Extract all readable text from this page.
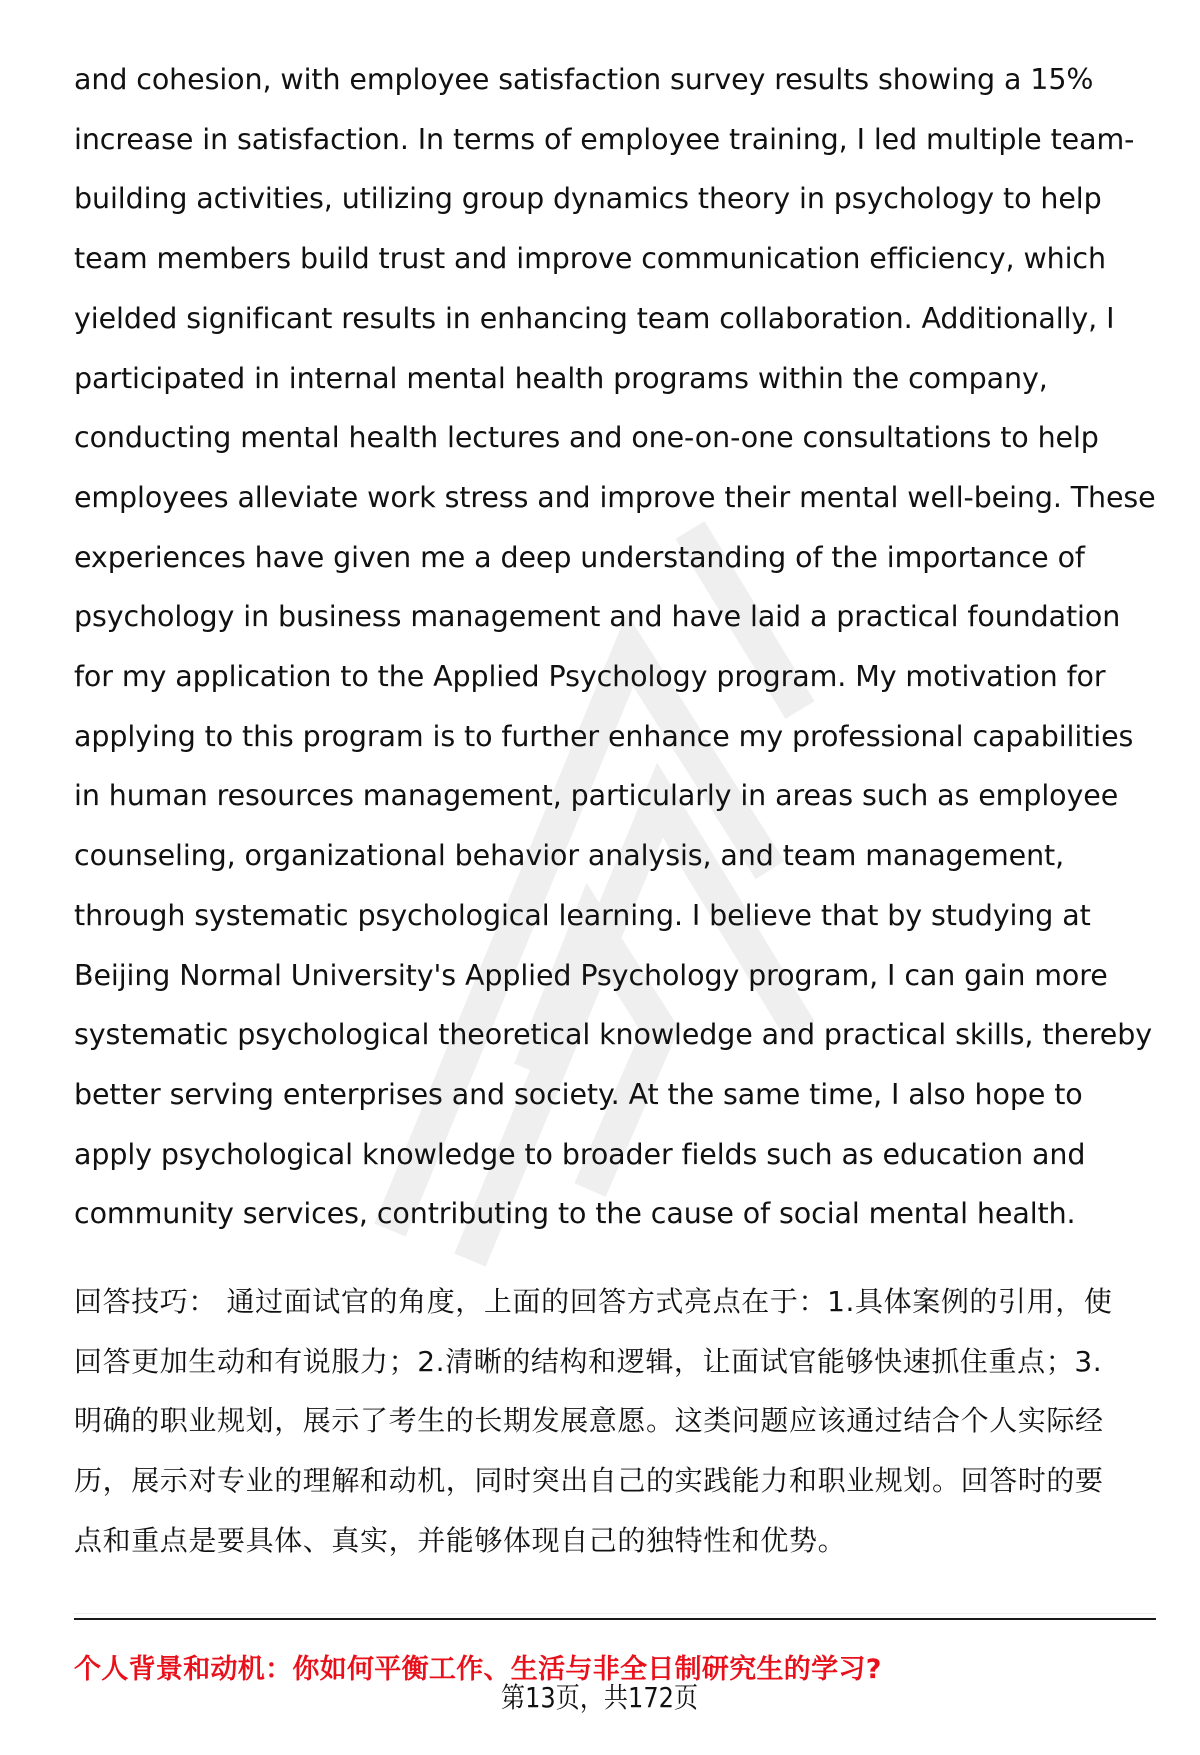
and cohesion, with employee satisfaction survey results showing a 15%
increase in satisfaction. In terms of employee training, I led multiple team-
building activities, utilizing group dynamics theory in psychology to help
team members build trust and improve communication efficiency, which
yielded significant results in enhancing team collaboration. Additionally, I
participated in internal mental health programs within the company,
conducting mental health lectures and one-on-one consultations to help
employees alleviate work stress and improve their mental well-being. These
experiences have given me a deep understanding of the importance of
psychology in business management and have laid a practical foundation
for my application to the Applied Psychology program. My motivation for
applying to this program is to further enhance my professional capabilities
in human resources management, particularly in areas such as employee
counseling, organizational behavior analysis, and team management,
through systematic psychological learning. I believe that by studying at
Beijing Normal University's Applied Psychology program, I can gain more
systematic psychological theoretical knowledge and practical skills, thereby
better serving enterprises and society. At the same time, I also hope to
apply psychological knowledge to broader fields such as education and
community services, contributing to the cause of social mental health.
回答技巧： 通过面试官的角度，上面的回答方式亮点在于：1.具体案例的引用，使
回答更加生动和有说服力；2.清晰的结构和逻辑，让面试官能够快速抓住重点；3.
明确的职业规划，展示了考生的长期发展意愿。这类问题应该通过结合个人实际经
历，展示对专业的理解和动机，同时突出自己的实践能力和职业规划。回答时的要
点和重点是要具体、真实，并能够体现自己的独特性和优势。
个人背景和动机：你如何平衡工作、生活与非全日制研究生的学习?
第13页，共172页
